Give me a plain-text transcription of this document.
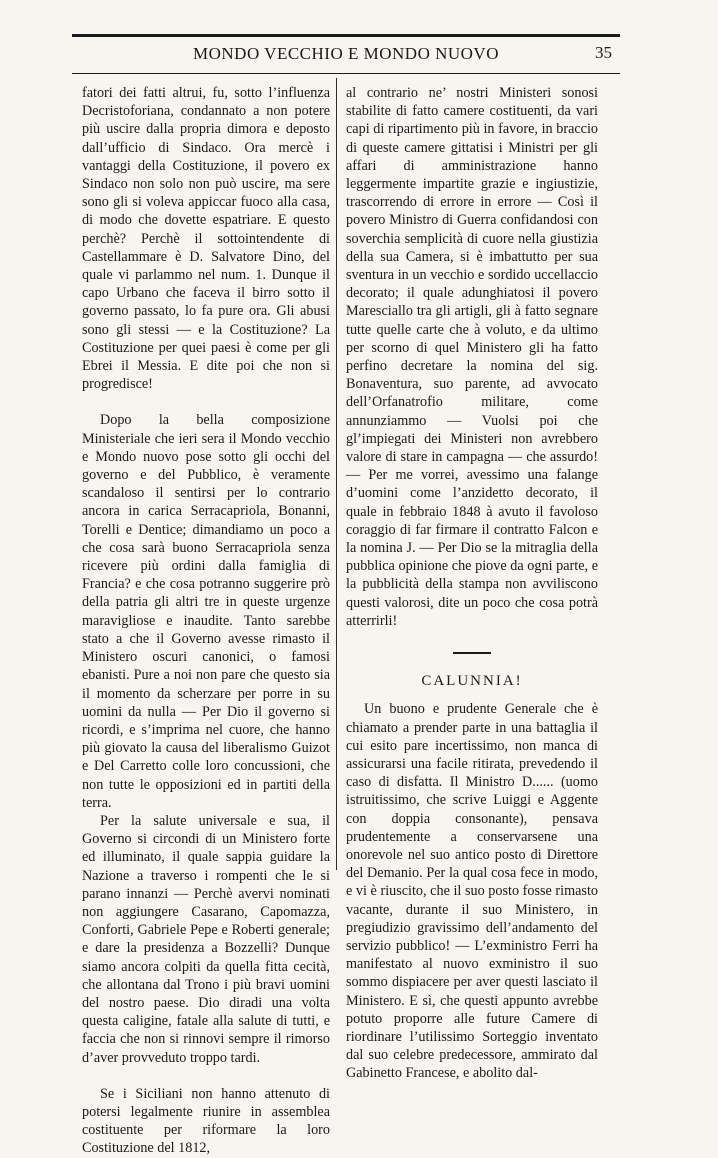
MONDO VECCHIO E MONDO NUOVO	35

fatori dei fatti altrui, fu, sotto l’influenza Decristoforiana, condannato a non potere più uscire dalla propria dimora e deposto dall’ufficio di Sindaco. Ora mercè i vantaggi della Costituzione, il povero ex Sindaco non solo non può uscire, ma sere sono gli si voleva appiccar fuoco alla casa, di modo che dovette espatriare. E questo perchè? Perchè il sottointendente di Castellammare è D. Salvatore Dino, del quale vi parlammo nel num. 1. Dunque il capo Urbano che faceva il birro sotto il governo passato, lo fa pure ora. Gli abusi sono gli stessi — e la Costituzione? La Costituzione per quei paesi è come per gli Ebrei il Messia. E dite poi che non si progredisce!

Dopo la bella composizione Ministeriale che ieri sera il Mondo vecchio e Mondo nuovo pose sotto gli occhi del governo e del Pubblico, è veramente scandaloso il sentirsi per lo contrario ancora in carica Serracapriola, Bonanni, Torelli e Dentice; dimandiamo un poco a che cosa sarà buono Serracapriola senza ricevere più ordini dalla famiglia di Francia? e che cosa potranno suggerire prò della patria gli altri tre in queste urgenze maravigliose e inaudite. Tanto sarebbe stato a che il Governo avesse rimasto il Ministero oscuri canonici, o famosi ebanisti. Pure a noi non pare che questo sia il momento da scherzare per porre in su uomini da nulla — Per Dio il governo si ricordi, e s’imprima nel cuore, che hanno più giovato la causa del liberalismo Guizot e Del Carretto colle loro concussioni, che non tutte le opposizioni ed in partiti della terra.

Per la salute universale e sua, il Governo si circondi di un Ministero forte ed illuminato, il quale sappia guidare la Nazione a traverso i rompenti che le si parano innanzi — Perchè avervi nominati non aggiungere Casarano, Capomazza, Conforti, Gabriele Pepe e Roberti generale; e dare la presidenza a Bozzelli? Dunque siamo ancora colpiti da quella fitta cecità, che allontana dal Trono i più bravi uomini del nostro paese. Dio diradi una volta questa caligine, fatale alla salute di tutti, e faccia che non si rinnovi sempre il rimorso d’aver provveduto troppo tardi.

Se i Siciliani non hanno attenuto di potersi legalmente riunire in assemblea costituente per riformare la loro Costituzione del 1812,

al contrario ne’ nostri Ministeri sonosi stabilite di fatto camere costituenti, da vari capi di ripartimento più in favore, in braccio di queste camere gittatisi i Ministri per gli affari di amministrazione hanno leggermente impartite grazie e ingiustizie, trascorrendo di errore in errore — Così il povero Ministro di Guerra confidandosi con soverchia semplicità di cuore nella giustizia della sua Camera, si è imbattutto per sua sventura in un vecchio e sordido uccellaccio decorato; il quale adunghiatosi il povero Maresciallo tra gli artigli, gli à fatto segnare tutte quelle carte che à voluto, e da ultimo per scorno di quel Ministero gli ha fatto perfino decretare la nomina del sig. Bonaventura, suo parente, ad avvocato dell’Orfanatrofio militare, come annunziammo — Vuolsi poi che gl’impiegati dei Ministeri non avrebbero valore di stare in campagna — che assurdo! — Per me vorrei, avessimo una falange d’uomini come l’anzidetto decorato, il quale in febbraio 1848 à avuto il favoloso coraggio di far firmare il contratto Falcon e la nomina J. — Per Dio se la mitraglia della pubblica opinione che piove da ogni parte, e la pubblicità della stampa non avviliscono questi valorosi, dite un poco che cosa potrà atterrirli!

CALUNNIA!

Un buono e prudente Generale che è chiamato a prender parte in una battaglia il cui esito pare incertissimo, non manca di assicurarsi una facile ritirata, prevedendo il caso di disfatta. Il Ministro D...... (uomo istruitissimo, che scrive Luiggi e Aggente con doppia consonante), pensava prudentemente a conservarsene una onorevole nel suo antico posto di Direttore del Demanio. Per la qual cosa fece in modo, e vi è riuscito, che il suo posto fosse rimasto vacante, durante il suo Ministero, in pregiudizio gravissimo dell’andamento del servizio pubblico! — L’exministro Ferri ha manifestato al nuovo exministro il suo sommo dispiacere per aver questi lasciato il Ministero. E sì, che questi appunto avrebbe potuto proporre alle future Camere di riordinare l’utilissimo Sorteggio inventato dal suo celebre predecessore, ammirato dal Gabinetto Francese, e abolito dal-
